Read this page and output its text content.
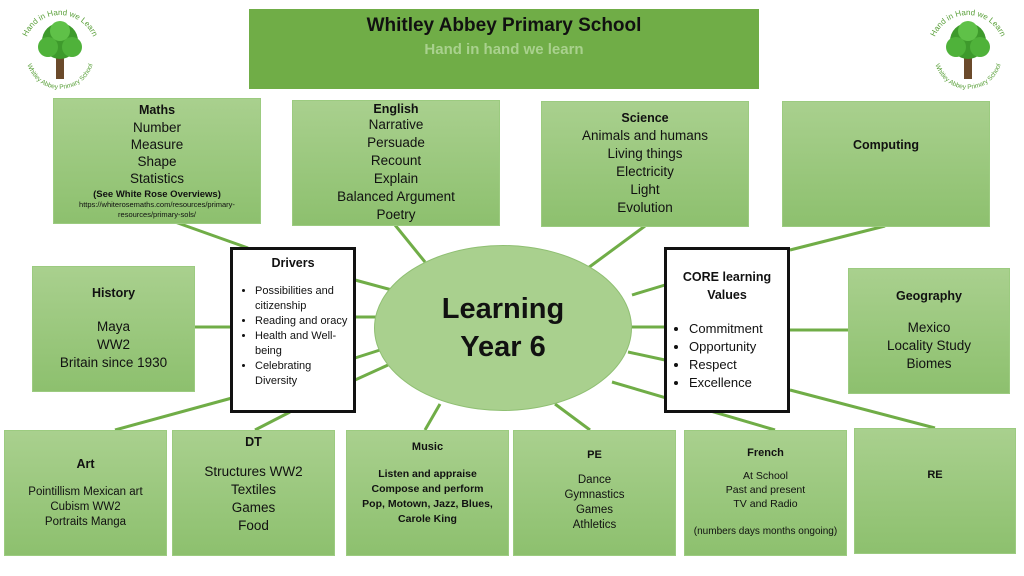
Whitley Abbey Primary School
Hand in hand we learn
Hand in Hand we Learn
Whitley Abbey Primary School
Hand in Hand we Learn
Whitley Abbey Primary School
Maths
Number
Measure
Shape
Statistics
(See White Rose Overviews)
https://whiterosemaths.com/resources/primary-
resources/primary-sols/
English
Narrative
Persuade
Recount
Explain
Balanced Argument
Poetry
Science
Animals and humans
Living things
Electricity
Light
Evolution
Computing
History
Maya
WW2
Britain since 1930
Drivers
• Possibilities and citizenship
• Reading and oracy
• Health and Well-being
• Celebrating Diversity
Learning
Year 6
CORE learning
Values
• Commitment
• Opportunity
• Respect
• Excellence
Geography
Mexico
Locality Study
Biomes
Art
Pointillism Mexican art
Cubism WW2
Portraits Manga
DT
Structures WW2
Textiles
Games
Food
Music
Listen and appraise
Compose and perform
Pop, Motown, Jazz, Blues,
Carole King
PE
Dance
Gymnastics
Games
Athletics
French
At School
Past and present
TV and Radio
(numbers days months ongoing)
RE
